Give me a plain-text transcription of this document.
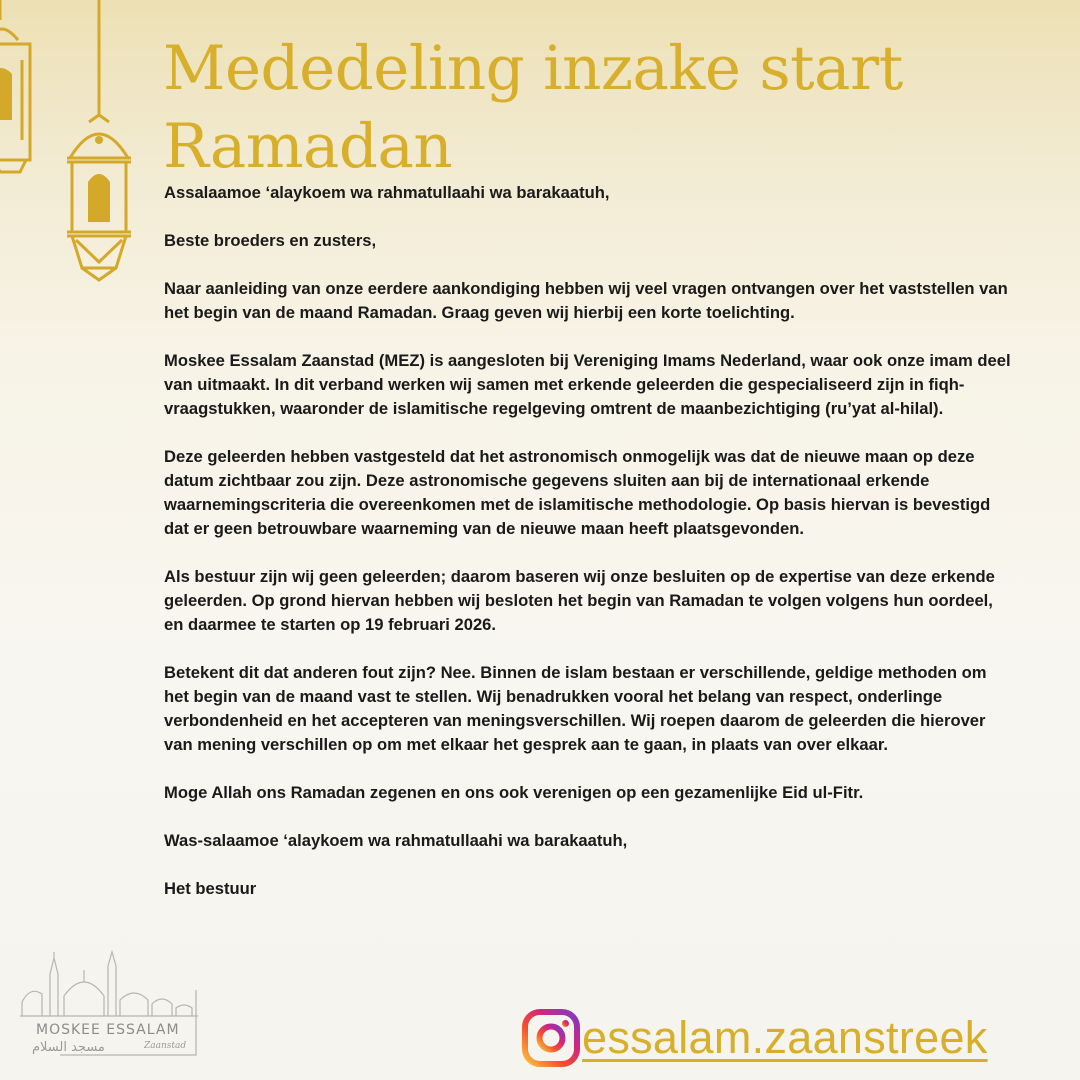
Mededeling inzake start Ramadan

Assalaamoe ‘alaykoem wa rahmatullaahi wa barakaatuh,

Beste broeders en zusters,

Naar aanleiding van onze eerdere aankondiging hebben wij veel vragen ontvangen over het vaststellen van het begin van de maand Ramadan. Graag geven wij hierbij een korte toelichting.

Moskee Essalam Zaanstad (MEZ) is aangesloten bij Vereniging Imams Nederland, waar ook onze imam deel van uitmaakt. In dit verband werken wij samen met erkende geleerden die gespecialiseerd zijn in fiqh-vraagstukken, waaronder de islamitische regelgeving omtrent de maanbezichtiging (ru’yat al-hilal).

Deze geleerden hebben vastgesteld dat het astronomisch onmogelijk was dat de nieuwe maan op deze datum zichtbaar zou zijn. Deze astronomische gegevens sluiten aan bij de internationaal erkende waarnemingscriteria die overeenkomen met de islamitische methodologie. Op basis hiervan is bevestigd dat er geen betrouwbare waarneming van de nieuwe maan heeft plaatsgevonden.

Als bestuur zijn wij geen geleerden; daarom baseren wij onze besluiten op de expertise van deze erkende geleerden. Op grond hiervan hebben wij besloten het begin van Ramadan te volgen volgens hun oordeel, en daarmee te starten op 19 februari 2026.

Betekent dit dat anderen fout zijn? Nee. Binnen de islam bestaan er verschillende, geldige methoden om het begin van de maand vast te stellen. Wij benadrukken vooral het belang van respect, onderlinge verbondenheid en het accepteren van meningsverschillen. Wij roepen daarom de geleerden die hierover van mening verschillen op om met elkaar het gesprek aan te gaan, in plaats van over elkaar.

Moge Allah ons Ramadan zegenen en ons ook verenigen op een gezamenlijke Eid ul-Fitr.

Was-salaamoe ‘alaykoem wa rahmatullaahi wa barakaatuh,

Het bestuur

MOSKEE ESSALAM
مسجد السلام	Zaanstad	essalam.zaanstreek
